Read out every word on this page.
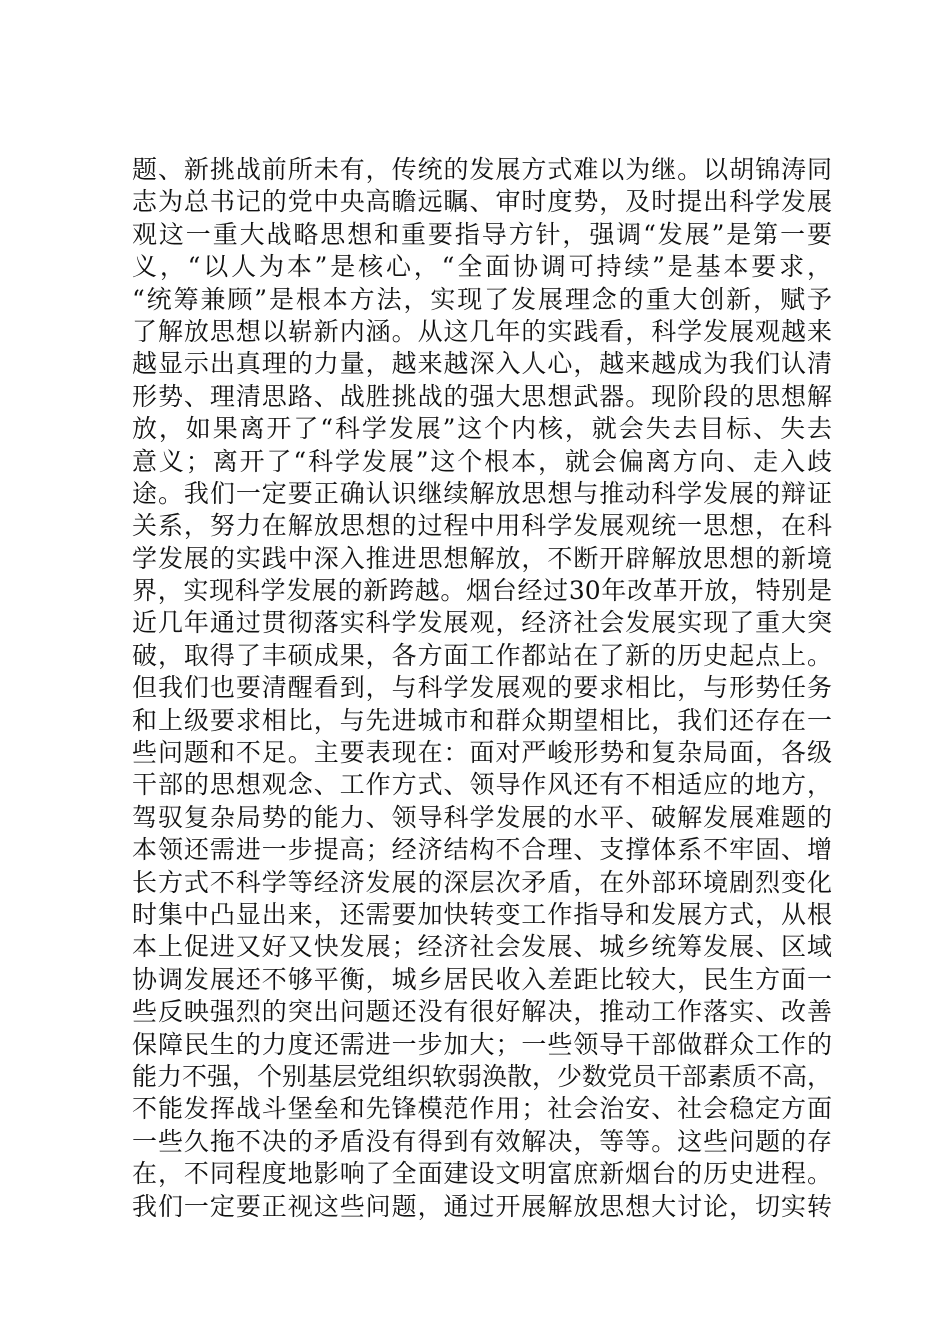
题、新挑战前所未有，传统的发展方式难以为继。以胡锦涛同
志为总书记的党中央高瞻远瞩、审时度势，及时提出科学发展
观这一重大战略思想和重要指导方针，强调“发展”是第一要
义，“以人为本”是核心，“全面协调可持续”是基本要求，
“统筹兼顾”是根本方法，实现了发展理念的重大创新，赋予
了解放思想以崭新内涵。从这几年的实践看，科学发展观越来
越显示出真理的力量，越来越深入人心，越来越成为我们认清
形势、理清思路、战胜挑战的强大思想武器。现阶段的思想解
放，如果离开了“科学发展”这个内核，就会失去目标、失去
意义；离开了“科学发展”这个根本，就会偏离方向、走入歧
途。我们一定要正确认识继续解放思想与推动科学发展的辩证
关系，努力在解放思想的过程中用科学发展观统一思想，在科
学发展的实践中深入推进思想解放，不断开辟解放思想的新境
界，实现科学发展的新跨越。烟台经过30年改革开放，特别是
近几年通过贯彻落实科学发展观，经济社会发展实现了重大突
破，取得了丰硕成果，各方面工作都站在了新的历史起点上。
但我们也要清醒看到，与科学发展观的要求相比，与形势任务
和上级要求相比，与先进城市和群众期望相比，我们还存在一
些问题和不足。主要表现在：面对严峻形势和复杂局面，各级
干部的思想观念、工作方式、领导作风还有不相适应的地方，
驾驭复杂局势的能力、领导科学发展的水平、破解发展难题的
本领还需进一步提高；经济结构不合理、支撑体系不牢固、增
长方式不科学等经济发展的深层次矛盾，在外部环境剧烈变化
时集中凸显出来，还需要加快转变工作指导和发展方式，从根
本上促进又好又快发展；经济社会发展、城乡统筹发展、区域
协调发展还不够平衡，城乡居民收入差距比较大，民生方面一
些反映强烈的突出问题还没有很好解决，推动工作落实、改善
保障民生的力度还需进一步加大；一些领导干部做群众工作的
能力不强，个别基层党组织软弱涣散，少数党员干部素质不高，
不能发挥战斗堡垒和先锋模范作用；社会治安、社会稳定方面
一些久拖不决的矛盾没有得到有效解决，等等。这些问题的存
在，不同程度地影响了全面建设文明富庶新烟台的历史进程。
我们一定要正视这些问题，通过开展解放思想大讨论，切实转
